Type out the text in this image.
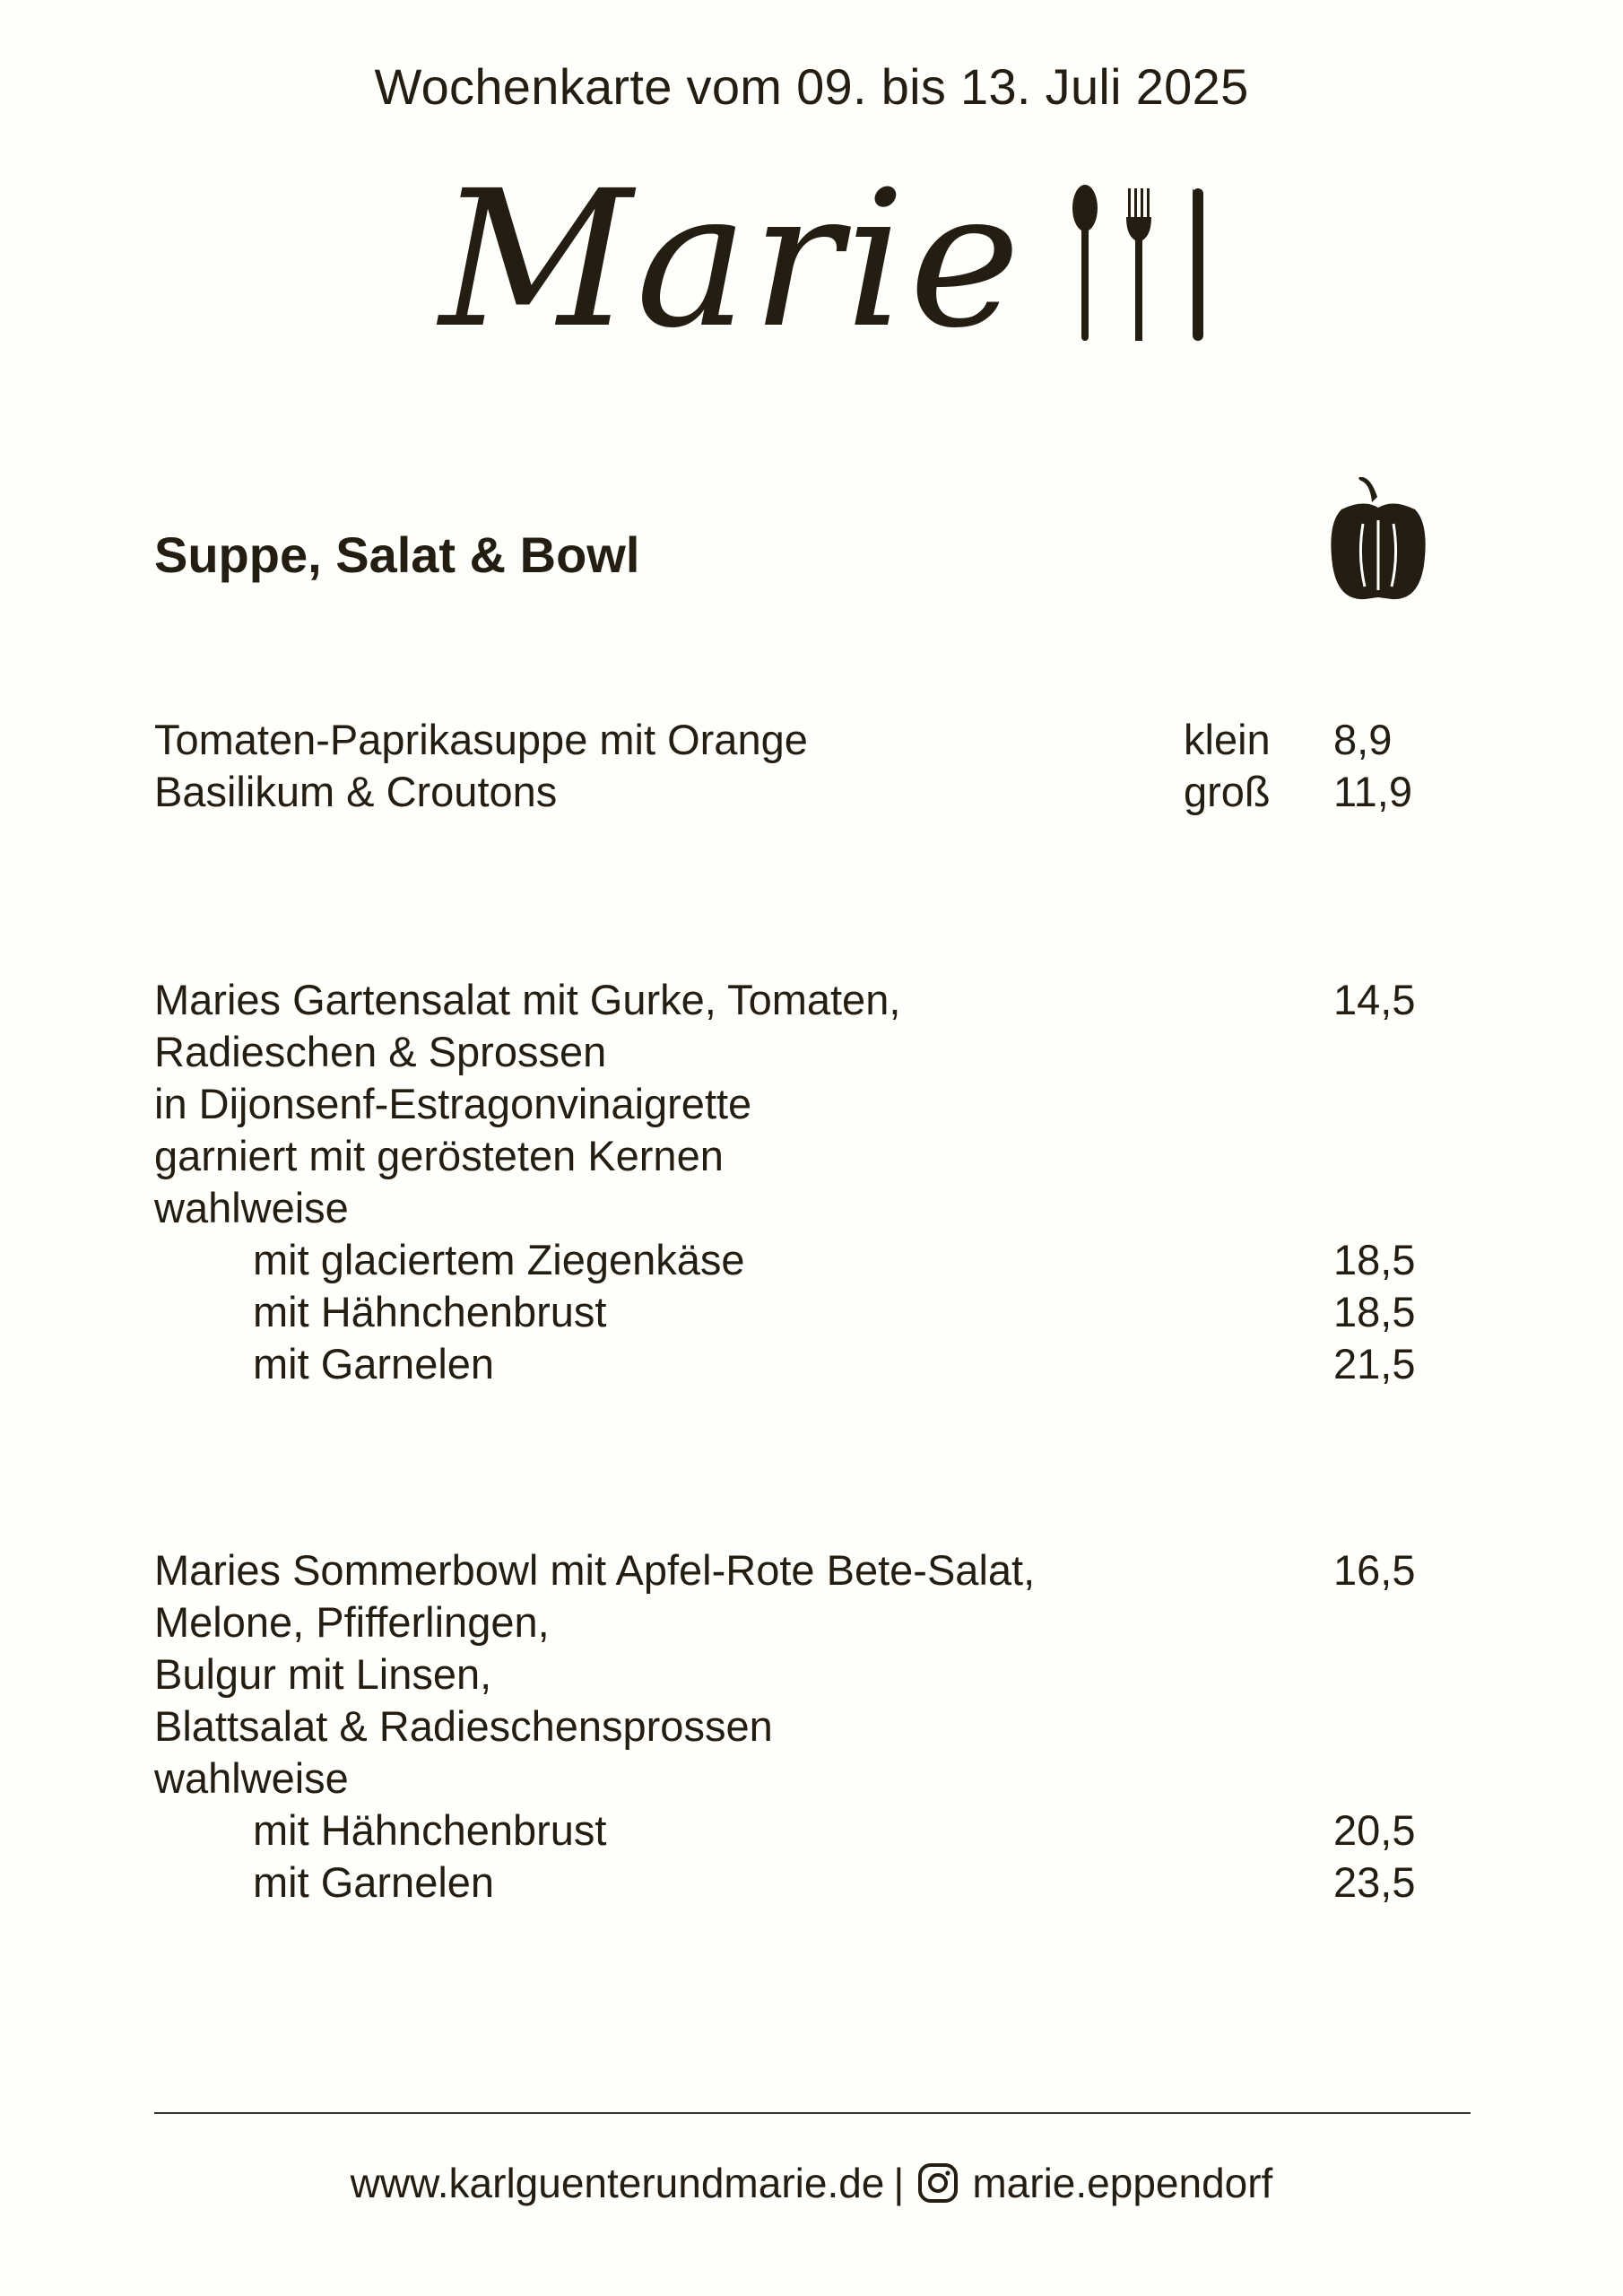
Wochenkarte vom 09. bis 13. Juli 2025
Marie
Suppe, Salat & Bowl
Tomaten-Paprikasuppe mit Orange	klein 8,9
Basilikum & Croutons	groß 11,9
Maries Gartensalat mit Gurke, Tomaten,	14,5
Radieschen & Sprossen
in Dijonsenf-Estragonvinaigrette
garniert mit gerösteten Kernen
wahlweise
mit glaciertem Ziegenkäse	18,5
mit Hähnchenbrust	18,5
mit Garnelen	21,5
Maries Sommerbowl mit Apfel-Rote Bete-Salat,	16,5
Melone, Pfifferlingen,
Bulgur mit Linsen,
Blattsalat & Radieschensprossen
wahlweise
mit Hähnchenbrust	20,5
mit Garnelen	23,5
www.karlguenterundmarie.de | marie.eppendorf
